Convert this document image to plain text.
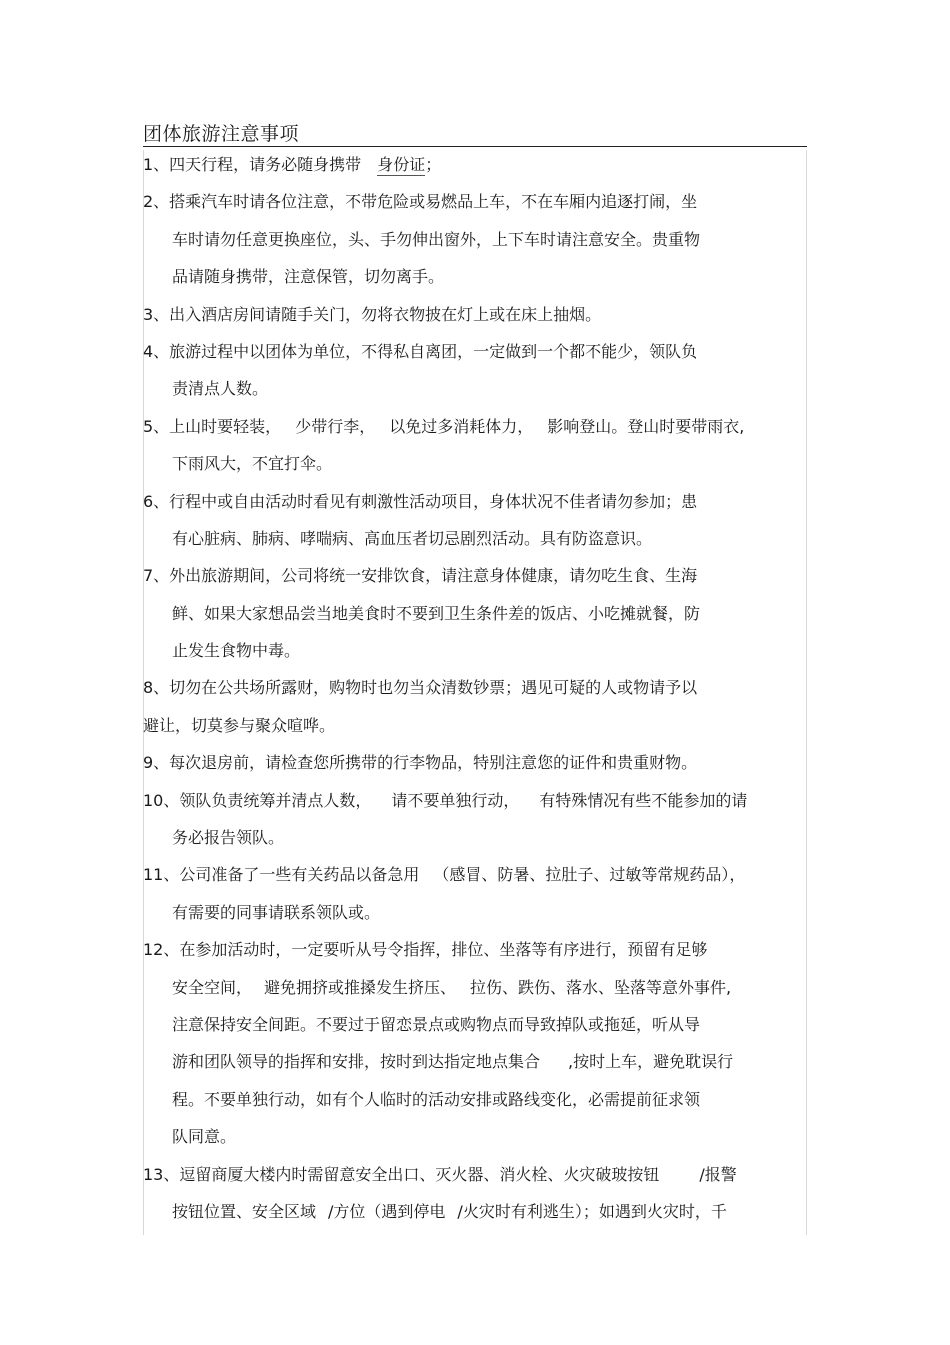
团体旅游注意事项
1、四天行程，请务必随身携带 身份证；
2、搭乘汽车时请各位注意，不带危险或易燃品上车，不在车厢内追逐打闹，坐
车时请勿任意更换座位，头、手勿伸出窗外，上下车时请注意安全。贵重物
品请随身携带，注意保管，切勿离手。
3、出入酒店房间请随手关门，勿将衣物披在灯上或在床上抽烟。
4、旅游过程中以团体为单位，不得私自离团，一定做到一个都不能少，领队负
责清点人数。
5、上山时要轻装， 少带行李， 以免过多消耗体力， 影响登山。登山时要带雨衣,
下雨风大，不宜打伞。
6、行程中或自由活动时看见有刺激性活动项目，身体状况不佳者请勿参加；患
有心脏病、肺病、哮喘病、高血压者切忌剧烈活动。具有防盗意识。
7、外出旅游期间，公司将统一安排饮食，请注意身体健康，请勿吃生食、生海
鲜、如果大家想品尝当地美食时不要到卫生条件差的饭店、小吃摊就餐，防
止发生食物中毒。
8、切勿在公共场所露财，购物时也勿当众清数钞票；遇见可疑的人或物请予以
避让，切莫参与聚众喧哗。
9、每次退房前，请检查您所携带的行李物品，特别注意您的证件和贵重财物。
10、领队负责统筹并清点人数， 请不要单独行动， 有特殊情况有些不能参加的请
务必报告领队。
11、公司准备了一些有关药品以备急用 （感冒、防暑、拉肚子、过敏等常规药品），
有需要的同事请联系领队或。
12、在参加活动时，一定要听从号令指挥，排位、坐落等有序进行，预留有足够
安全空间， 避免拥挤或推搡发生挤压、 拉伤、跌伤、落水、坠落等意外事件,
注意保持安全间距。不要过于留恋景点或购物点而导致掉队或拖延，听从导
游和团队领导的指挥和安排，按时到达指定地点集合 ,按时上车，避免耽误行
程。不要单独行动，如有个人临时的活动安排或路线变化，必需提前征求领
队同意。
13、逗留商厦大楼内时需留意安全出口、灭火器、消火栓、火灾破玻按钮	/报警
按钮位置、安全区域 /方位（遇到停电 /火灾时有利逃生）；如遇到火灾时，千
